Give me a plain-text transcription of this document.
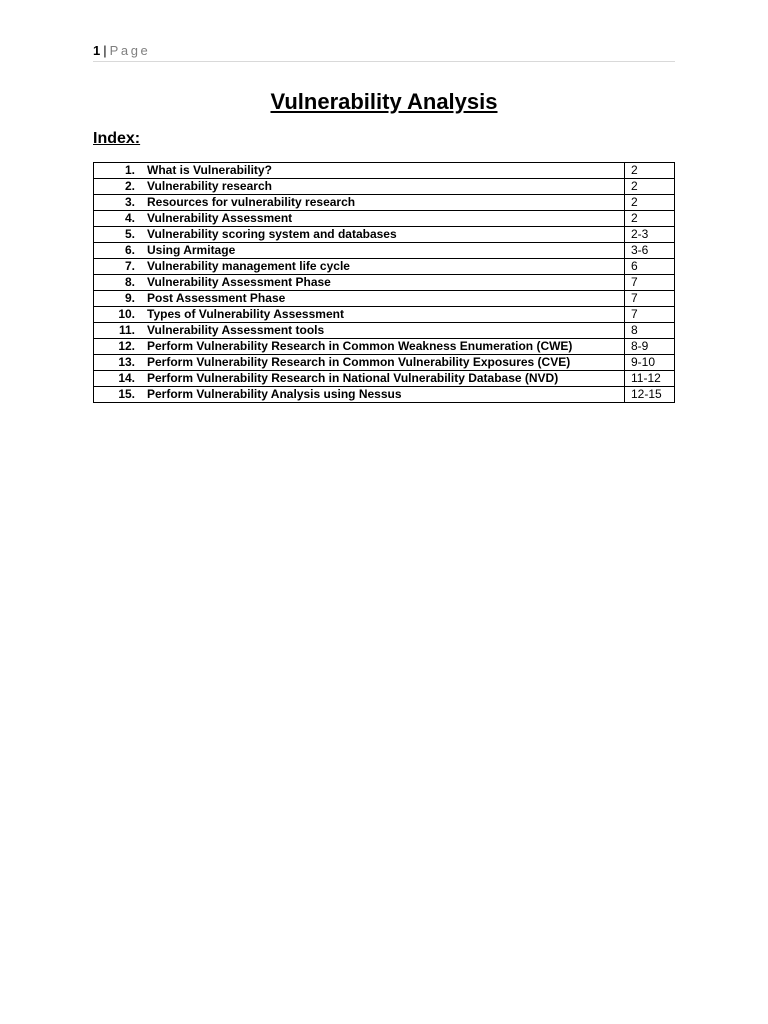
1 | Page
Vulnerability Analysis
Index:
1. What is Vulnerability?	2
2. Vulnerability research	2
3. Resources for vulnerability research	2
4. Vulnerability Assessment	2
5. Vulnerability scoring system and databases	2-3
6. Using Armitage	3-6
7. Vulnerability management life cycle	6
8. Vulnerability Assessment Phase	7
9. Post Assessment Phase	7
10. Types of Vulnerability Assessment	7
11. Vulnerability Assessment tools	8
12. Perform Vulnerability Research in Common Weakness Enumeration (CWE)	8-9
13. Perform Vulnerability Research in Common Vulnerability Exposures (CVE)	9-10
14. Perform Vulnerability Research in National Vulnerability Database (NVD)	11-12
15. Perform Vulnerability Analysis using Nessus	12-15
